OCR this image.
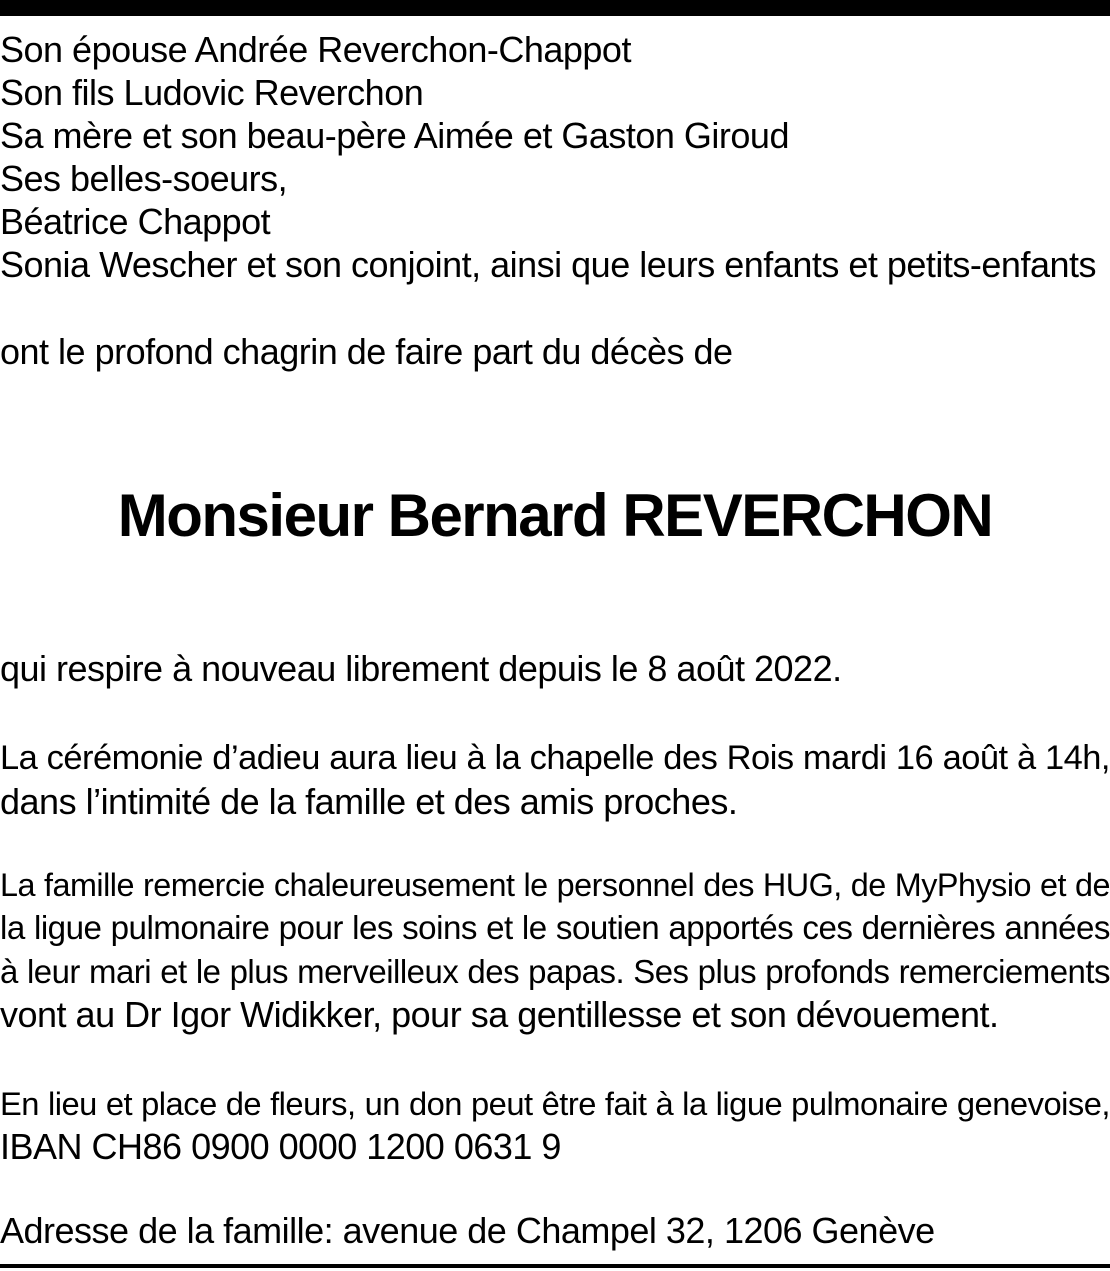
Son épouse Andrée Reverchon-Chappot

Son fils Ludovic Reverchon

Sa mère et son beau-père Aimée et Gaston Giroud

Ses belles-soeurs,

Béatrice Chappot

Sonia Wescher et son conjoint, ainsi que leurs enfants et petits-enfants

ont le profond chagrin de faire part du décès de

Monsieur Bernard REVERCHON

qui respire à nouveau librement depuis le 8 août 2022.

La cérémonie d’adieu aura lieu à la chapelle des Rois mardi 16 août à 14h,

dans l’intimité de la famille et des amis proches.

La famille remercie chaleureusement le personnel des HUG, de MyPhysio et de

la ligue pulmonaire pour les soins et le soutien apportés ces dernières années

à leur mari et le plus merveilleux des papas. Ses plus profonds remerciements

vont au Dr Igor Widikker, pour sa gentillesse et son dévouement.

En lieu et place de fleurs, un don peut être fait à la ligue pulmonaire genevoise,

IBAN CH86 0900 0000 1200 0631 9

Adresse de la famille: avenue de Champel 32, 1206 Genève
